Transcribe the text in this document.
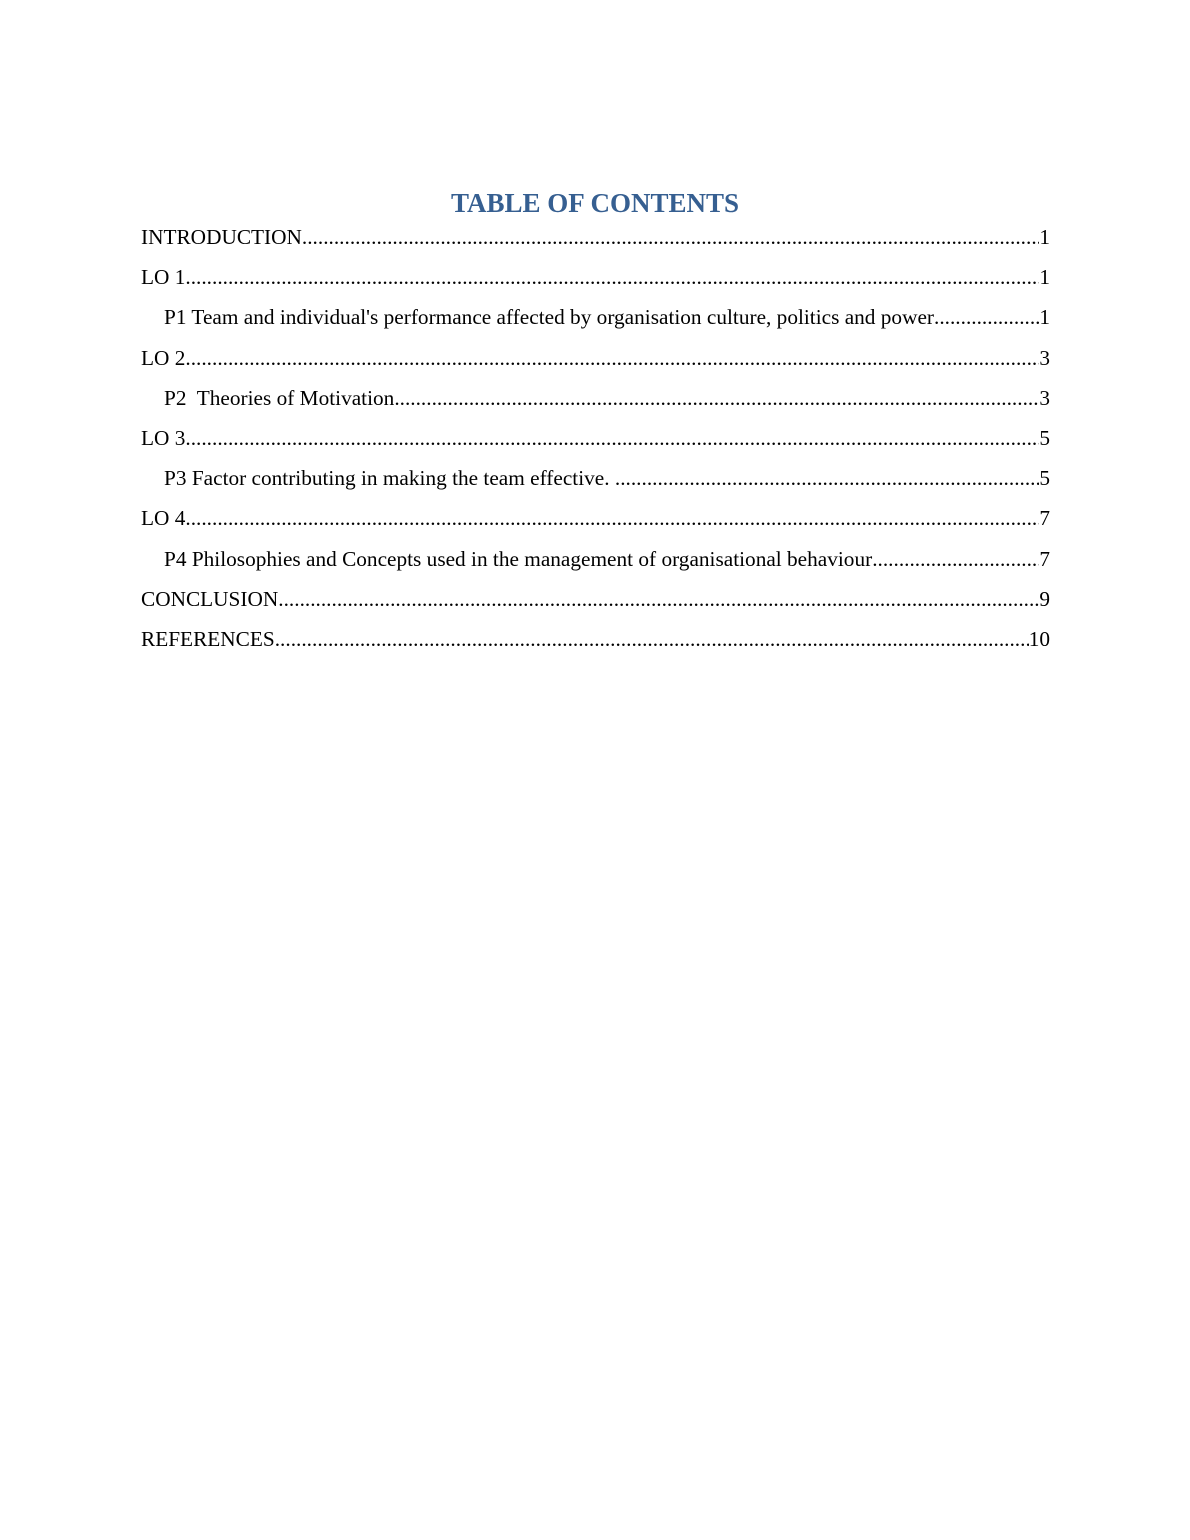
TABLE OF CONTENTS
INTRODUCTION .....	1
LO 1 .....	1
P1 Team and individual's performance affected by organisation culture, politics and power .....	1
LO 2 .....	3
P2  Theories of Motivation .....	3
LO 3 .....	5
P3 Factor contributing in making the team effective. .....	5
LO 4 .....	7
P4 Philosophies and Concepts used in the management of organisational behaviour .....	7
CONCLUSION .....	9
REFERENCES .....	10
